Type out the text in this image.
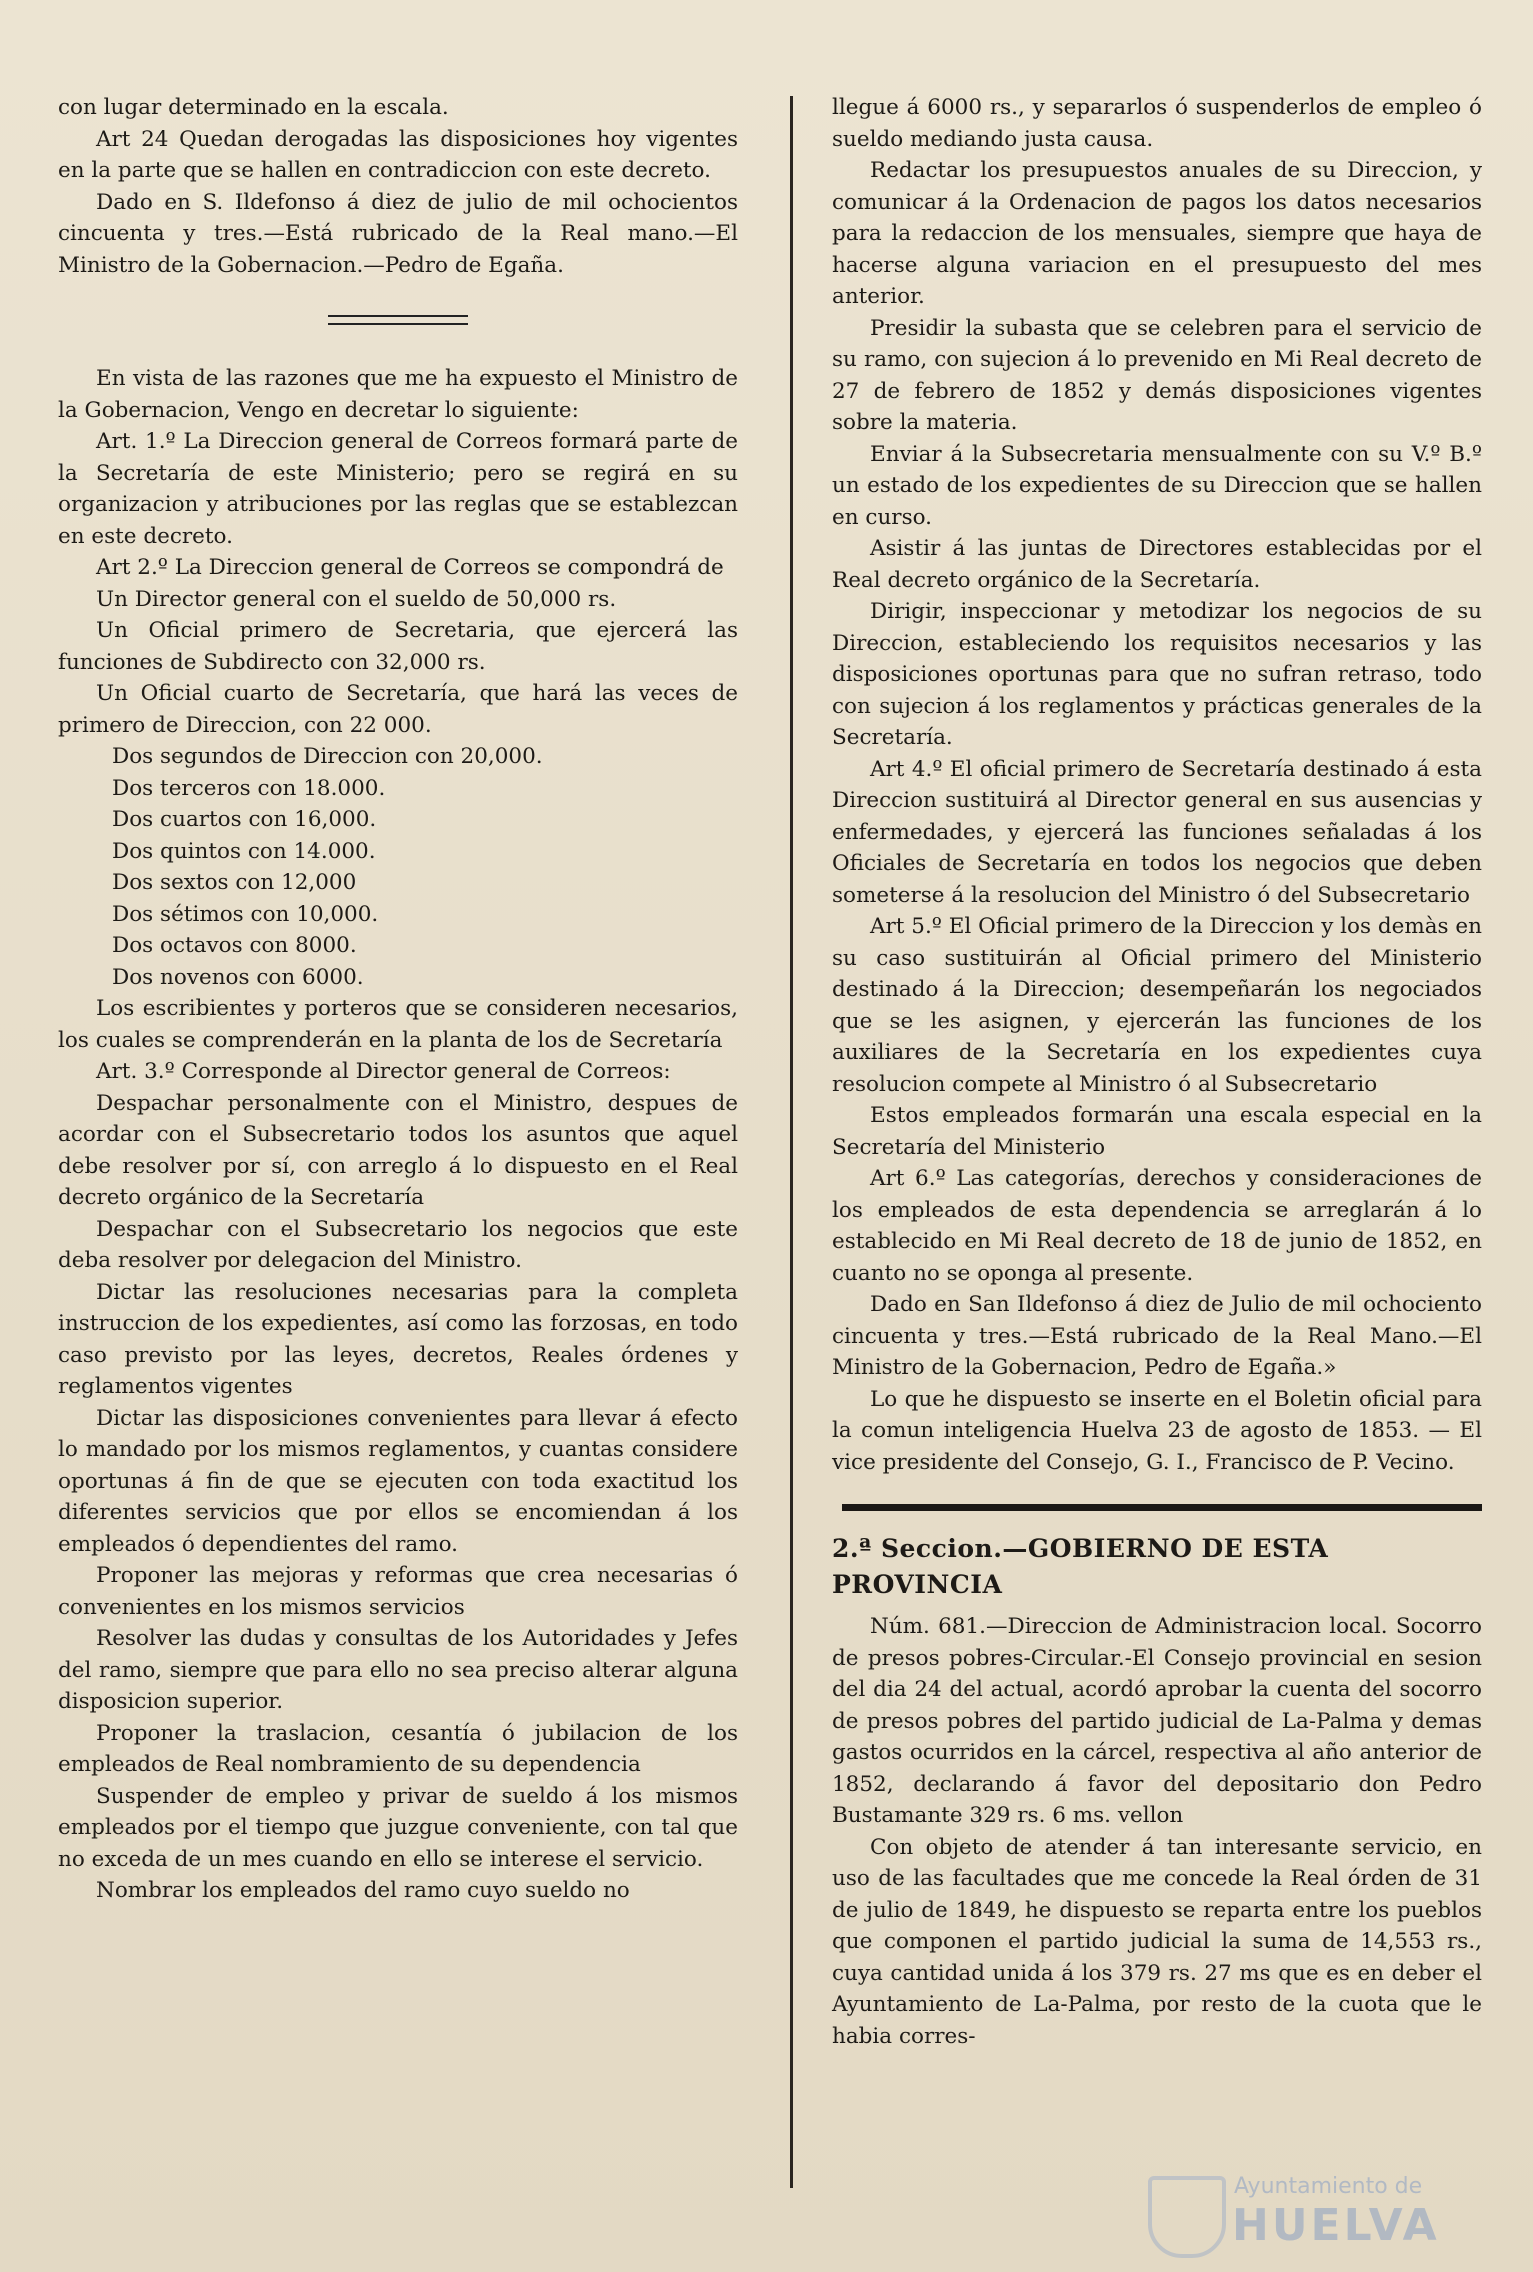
con lugar determinado en la escala.

Art 24 Quedan derogadas las disposiciones hoy vigentes en la parte que se hallen en contradiccion con este decreto.

Dado en S. Ildefonso á diez de julio de mil ochocientos cincuenta y tres.—Está rubricado de la Real mano.—El Ministro de la Gobernacion.—Pedro de Egaña.

En vista de las razones que me ha expuesto el Ministro de la Gobernacion, Vengo en decretar lo siguiente:

Art. 1.º La Direccion general de Correos formará parte de la Secretaría de este Ministerio; pero se regirá en su organizacion y atribuciones por las reglas que se establezcan en este decreto.

Art 2.º La Direccion general de Correos se compondrá de

Un Director general con el sueldo de 50,000 rs.

Un Oficial primero de Secretaria, que ejercerá las funciones de Subdirecto con 32,000 rs.

Un Oficial cuarto de Secretaría, que hará las veces de primero de Direccion, con 22 000.

Dos segundos de Direccion con 20,000.

Dos terceros con 18.000.

Dos cuartos con 16,000.

Dos quintos con 14.000.

Dos sextos con 12,000

Dos sétimos con 10,000.

Dos octavos con 8000.

Dos novenos con 6000.

Los escribientes y porteros que se consideren necesarios, los cuales se comprenderán en la planta de los de Secretaría

Art. 3.º Corresponde al Director general de Correos:

Despachar personalmente con el Ministro, despues de acordar con el Subsecretario todos los asuntos que aquel debe resolver por sí, con arreglo á lo dispuesto en el Real decreto orgánico de la Secretaría

Despachar con el Subsecretario los negocios que este deba resolver por delegacion del Ministro.

Dictar las resoluciones necesarias para la completa instruccion de los expedientes, así como las forzosas, en todo caso previsto por las leyes, decretos, Reales órdenes y reglamentos vigentes

Dictar las disposiciones convenientes para llevar á efecto lo mandado por los mismos reglamentos, y cuantas considere oportunas á fin de que se ejecuten con toda exactitud los diferentes servicios que por ellos se encomiendan á los empleados ó dependientes del ramo.

Proponer las mejoras y reformas que crea necesarias ó convenientes en los mismos servicios

Resolver las dudas y consultas de los Autoridades y Jefes del ramo, siempre que para ello no sea preciso alterar alguna disposicion superior.

Proponer la traslacion, cesantía ó jubilacion de los empleados de Real nombramiento de su dependencia

Suspender de empleo y privar de sueldo á los mismos empleados por el tiempo que juzgue conveniente, con tal que no exceda de un mes cuando en ello se interese el servicio.

Nombrar los empleados del ramo cuyo sueldo no

llegue á 6000 rs., y separarlos ó suspenderlos de empleo ó sueldo mediando justa causa.

Redactar los presupuestos anuales de su Direccion, y comunicar á la Ordenacion de pagos los datos necesarios para la redaccion de los mensuales, siempre que haya de hacerse alguna variacion en el presupuesto del mes anterior.

Presidir la subasta que se celebren para el servicio de su ramo, con sujecion á lo prevenido en Mi Real decreto de 27 de febrero de 1852 y demás disposiciones vigentes sobre la materia.

Enviar á la Subsecretaria mensualmente con su V.º B.º un estado de los expedientes de su Direccion que se hallen en curso.

Asistir á las juntas de Directores establecidas por el Real decreto orgánico de la Secretaría.

Dirigir, inspeccionar y metodizar los negocios de su Direccion, estableciendo los requisitos necesarios y las disposiciones oportunas para que no sufran retraso, todo con sujecion á los reglamentos y prácticas generales de la Secretaría.

Art 4.º El oficial primero de Secretaría destinado á esta Direccion sustituirá al Director general en sus ausencias y enfermedades, y ejercerá las funciones señaladas á los Oficiales de Secretaría en todos los negocios que deben someterse á la resolucion del Ministro ó del Subsecretario

Art 5.º El Oficial primero de la Direccion y los demàs en su caso sustituirán al Oficial primero del Ministerio destinado á la Direccion; desempeñarán los negociados que se les asignen, y ejercerán las funciones de los auxiliares de la Secretaría en los expedientes cuya resolucion compete al Ministro ó al Subsecretario

Estos empleados formarán una escala especial en la Secretaría del Ministerio

Art 6.º Las categorías, derechos y consideraciones de los empleados de esta dependencia se arreglarán á lo establecido en Mi Real decreto de 18 de junio de 1852, en cuanto no se oponga al presente.

Dado en San Ildefonso á diez de Julio de mil ochociento cincuenta y tres.—Está rubricado de la Real Mano.—El Ministro de la Gobernacion, Pedro de Egaña.»

Lo que he dispuesto se inserte en el Boletin oficial para la comun inteligencia Huelva 23 de agosto de 1853. — El vice presidente del Consejo, G. I., Francisco de P. Vecino.

2.ª Seccion.—GOBIERNO DE ESTA PROVINCIA

Núm. 681.—Direccion de Administracion local. Socorro de presos pobres-Circular.-El Consejo provincial en sesion del dia 24 del actual, acordó aprobar la cuenta del socorro de presos pobres del partido judicial de La-Palma y demas gastos ocurridos en la cárcel, respectiva al año anterior de 1852, declarando á favor del depositario don Pedro Bustamante 329 rs. 6 ms. vellon

Con objeto de atender á tan interesante servicio, en uso de las facultades que me concede la Real órden de 31 de julio de 1849, he dispuesto se reparta entre los pueblos que componen el partido judicial la suma de 14,553 rs., cuya cantidad unida á los 379 rs. 27 ms que es en deber el Ayuntamiento de La-Palma, por resto de la cuota que le habia corres-

Ayuntamiento de
HUELVA
